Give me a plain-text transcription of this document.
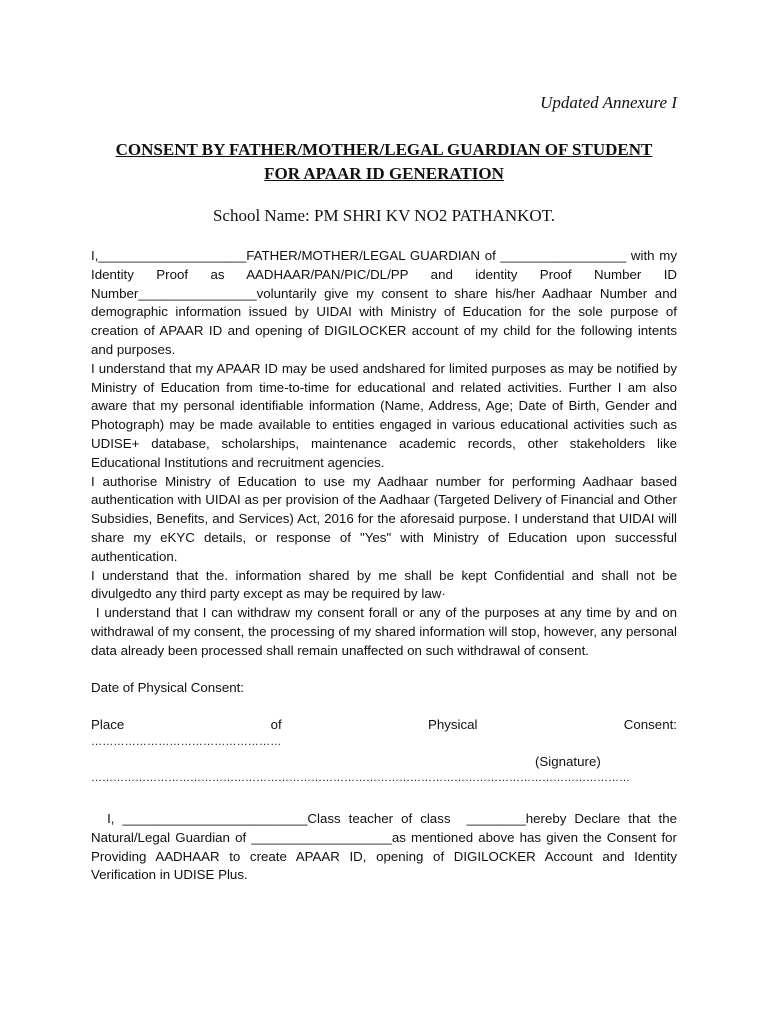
Updated Annexure I
CONSENT BY FATHER/MOTHER/LEGAL GUARDIAN OF STUDENT
FOR APAAR ID GENERATION
School Name: PM SHRI KV NO2 PATHANKOT.

I,____________________FATHER/MOTHER/LEGAL GUARDIAN of _________________ with my Identity Proof as AADHAAR/PAN/PIC/DL/PP and identity Proof Number ID Number________________voluntarily give my consent to share his/her Aadhaar Number and demographic information issued by UIDAI with Ministry of Education for the sole purpose of creation of APAAR ID and opening of DIGILOCKER account of my child for the following intents and purposes.

I understand that my APAAR ID may be used andshared for limited purposes as may be notified by Ministry of Education from time-to-time for educational and related activities. Further I am also aware that my personal identifiable information (Name, Address, Age; Date of Birth, Gender and Photograph) may be made available to entities engaged in various educational activities such as UDISE+ database, scholarships, maintenance academic records, other stakeholders like Educational Institutions and recruitment agencies.

I authorise Ministry of Education to use my Aadhaar number for performing Aadhaar based authentication with UIDAI as per provision of the Aadhaar (Targeted Delivery of Financial and Other Subsidies, Benefits, and Services) Act, 2016 for the aforesaid purpose. I understand that UIDAI will share my eKYC details, or response of "Yes" with Ministry of Education upon successful authentication.

I understand that the. information shared by me shall be kept Confidential and shall not be divulgedto any third party except as may be required by law·

I understand that I can withdraw my consent forall or any of the purposes at any time by and on withdrawal of my consent, the processing of my shared information will stop, however, any personal data already been processed shall remain unaffected on such withdrawal of consent.

Date of Physical Consent:
Place	of	Physical	Consent:
……………………………………………
(Signature)
…………………………………………………………………………………………………………………………………
I, _________________________Class teacher of class  ________hereby Declare that the Natural/Legal Guardian of ___________________as mentioned above has given the Consent for Providing AADHAAR to create APAAR ID, opening of DIGILOCKER Account and Identity Verification in UDISE Plus.
